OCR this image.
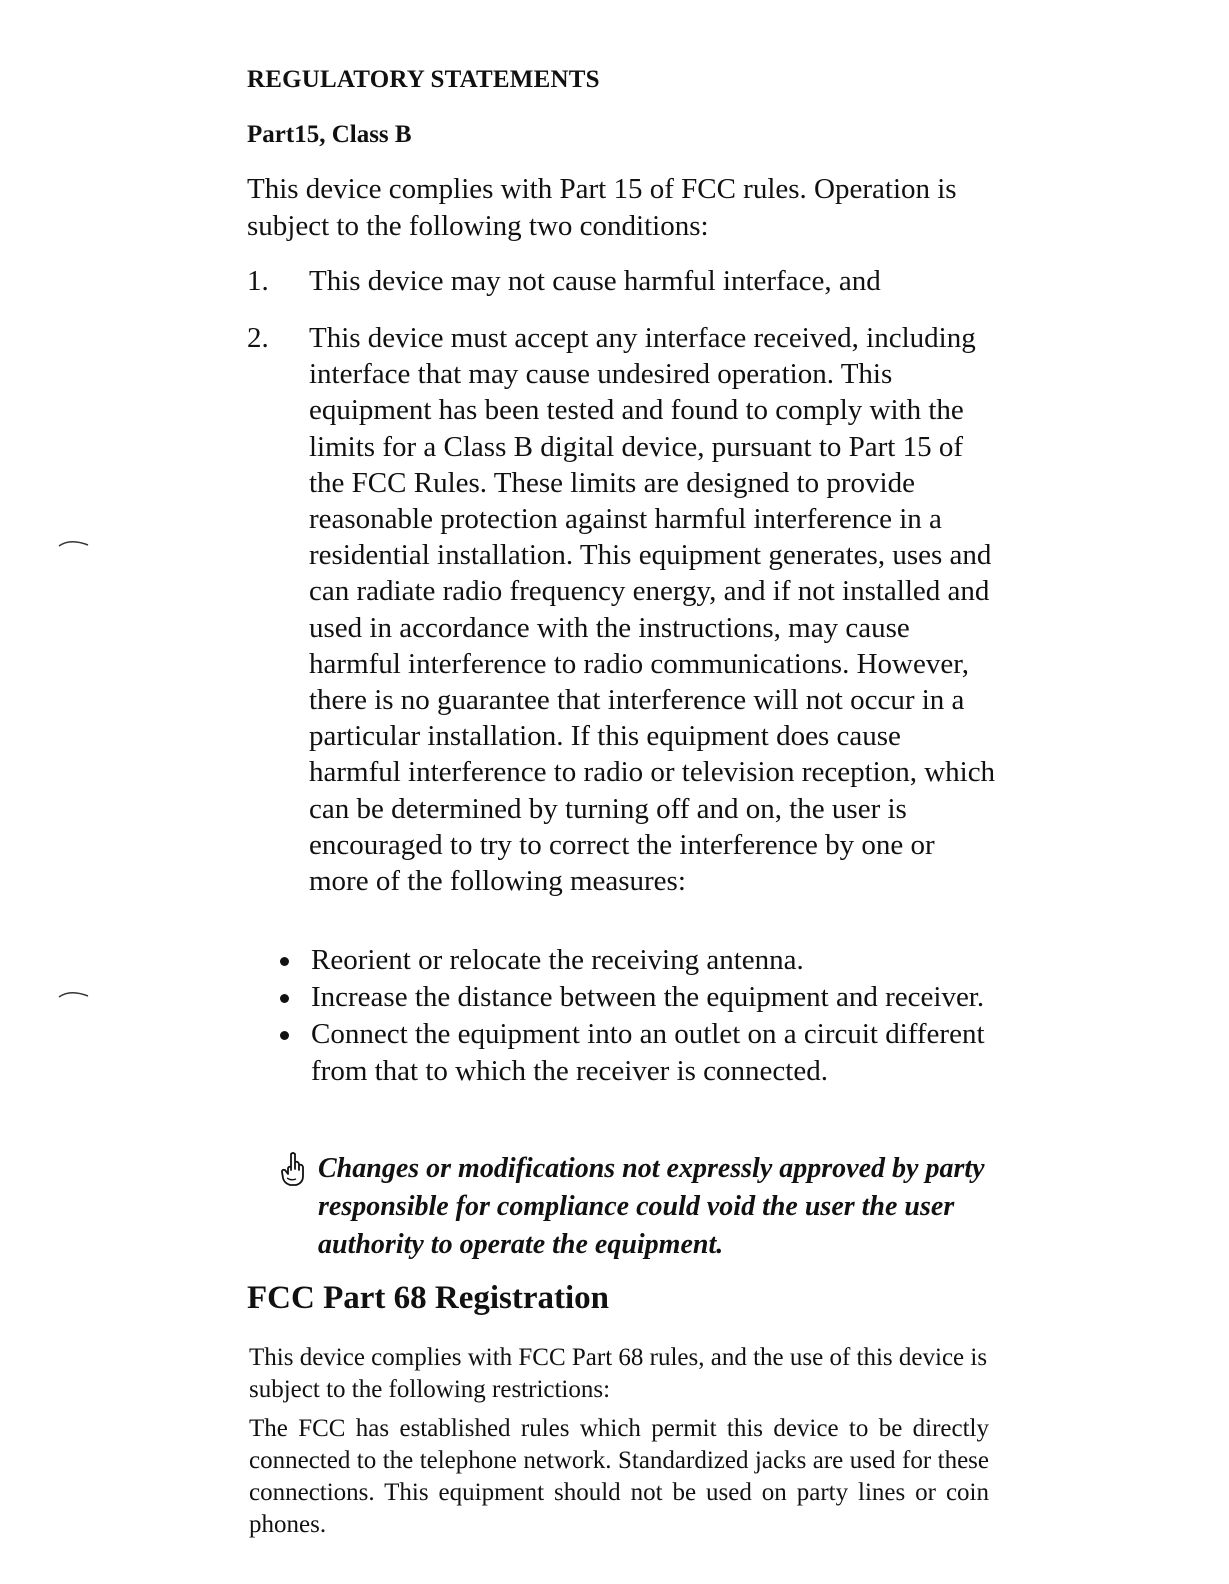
REGULATORY STATEMENTS
Part15, Class B
This device complies with Part 15 of FCC rules. Operation is subject to the following two conditions:
1. This device may not cause harmful interface, and
2. This device must accept any interface received, including interface that may cause undesired operation. This equipment has been tested and found to comply with the limits for a Class B digital device, pursuant to Part 15 of the FCC Rules. These limits are designed to provide reasonable protection against harmful interference in a residential installation. This equipment generates, uses and can radiate radio frequency energy, and if not installed and used in accordance with the instructions, may cause harmful interference to radio communications. However, there is no guarantee that interference will not occur in a particular installation. If this equipment does cause harmful interference to radio or television reception, which can be determined by turning off and on, the user is encouraged to try to correct the interference by one or more of the following measures:
Reorient or relocate the receiving antenna.
Increase the distance between the equipment and receiver.
Connect the equipment into an outlet on a circuit different from that to which the receiver is connected.
Changes or modifications not expressly approved by party responsible for compliance could void the user the user authority to operate the equipment.
FCC Part 68 Registration
This device complies with FCC Part 68 rules, and the use of this device is subject to the following restrictions:
The FCC has established rules which permit this device to be directly connected to the telephone network. Standardized jacks are used for these connections. This equipment should not be used on party lines or coin phones.
